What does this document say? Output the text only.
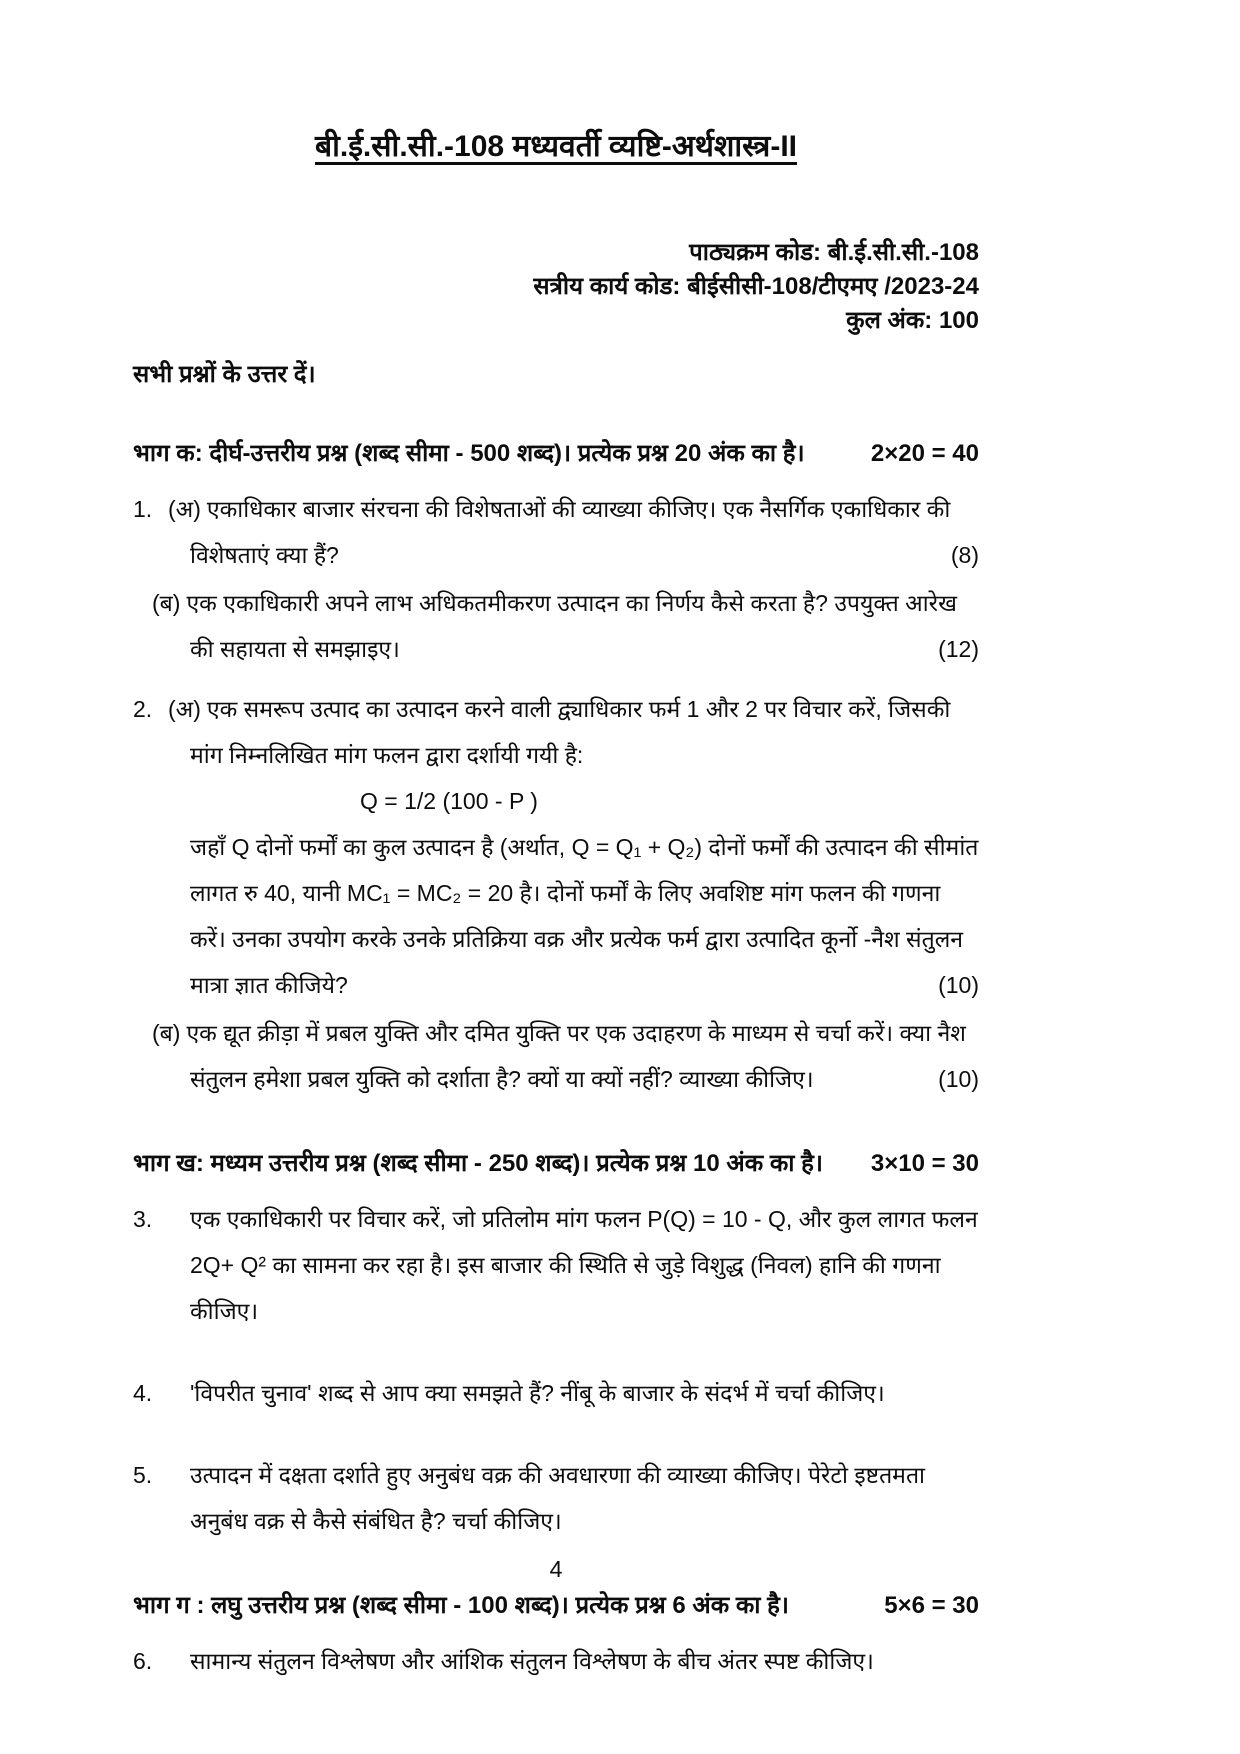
बी.ई.सी.सी.-108 मध्यवर्ती व्यष्टि-अर्थशास्त्र-II
पाठ्यक्रम कोड: बी.ई.सी.सी.-108
सत्रीय कार्य कोड: बीईसीसी-108/टीएमए /2023-24
कुल अंक: 100
सभी प्रश्नों के उत्तर दें।
भाग क: दीर्घ-उत्तरीय प्रश्न (शब्द सीमा - 500 शब्द)। प्रत्येक प्रश्न 20 अंक का है।	2×20 = 40
1. (अ) एकाधिकार बाजार संरचना की विशेषताओं की व्याख्या कीजिए। एक नैसर्गिक एकाधिकार की विशेषताएं क्या हैं?	(8)
(ब) एक एकाधिकारी अपने लाभ अधिकतमीकरण उत्पादन का निर्णय कैसे करता है? उपयुक्त आरेख की सहायता से समझाइए।	(12)
2. (अ) एक समरूप उत्पाद का उत्पादन करने वाली द्व्याधिकार फर्म 1 और 2 पर विचार करें, जिसकी मांग निम्नलिखित मांग फलन द्वारा दर्शायी गयी है:
Q = 1/2 (100 - P )
जहाँ Q दोनों फर्मों का कुल उत्पादन है (अर्थात, Q = Q₁ + Q₂) दोनों फर्मों की उत्पादन की सीमांत लागत रु 40, यानी MC₁ = MC₂ = 20 है। दोनों फर्मों के लिए अवशिष्ट मांग फलन की गणना करें। उनका उपयोग करके उनके प्रतिक्रिया वक्र और प्रत्येक फर्म द्वारा उत्पादित कूर्नो -नैश संतुलन मात्रा ज्ञात कीजिये?	(10)
(ब) एक द्यूत क्रीड़ा में प्रबल युक्ति और दमित युक्ति पर एक उदाहरण के माध्यम से चर्चा करें। क्या नैश संतुलन हमेशा प्रबल युक्ति को दर्शाता है? क्यों या क्यों नहीं? व्याख्या कीजिए।	(10)
भाग ख: मध्यम उत्तरीय प्रश्न (शब्द सीमा - 250 शब्द)। प्रत्येक प्रश्न 10 अंक का है। 3×10 = 30
3.	एक एकाधिकारी पर विचार करें, जो प्रतिलोम मांग फलन P(Q) = 10 - Q, और कुल लागत फलन 2Q+ Q² का सामना कर रहा है। इस बाजार की स्थिति से जुड़े विशुद्ध (निवल) हानि की गणना कीजिए।
4.	'विपरीत चुनाव' शब्द से आप क्या समझते हैं? नींबू के बाजार के संदर्भ में चर्चा कीजिए।
5.	उत्पादन में दक्षता दर्शाते हुए अनुबंध वक्र की अवधारणा की व्याख्या कीजिए। पेरेटो इष्टतमता अनुबंध वक्र से कैसे संबंधित है? चर्चा कीजिए।
भाग ग : लघु उत्तरीय प्रश्न (शब्द सीमा - 100 शब्द)। प्रत्येक प्रश्न 6 अंक का है।	5×6 = 30
6.	सामान्य संतुलन विश्लेषण और आंशिक संतुलन विश्लेषण के बीच अंतर स्पष्ट कीजिए।
4
